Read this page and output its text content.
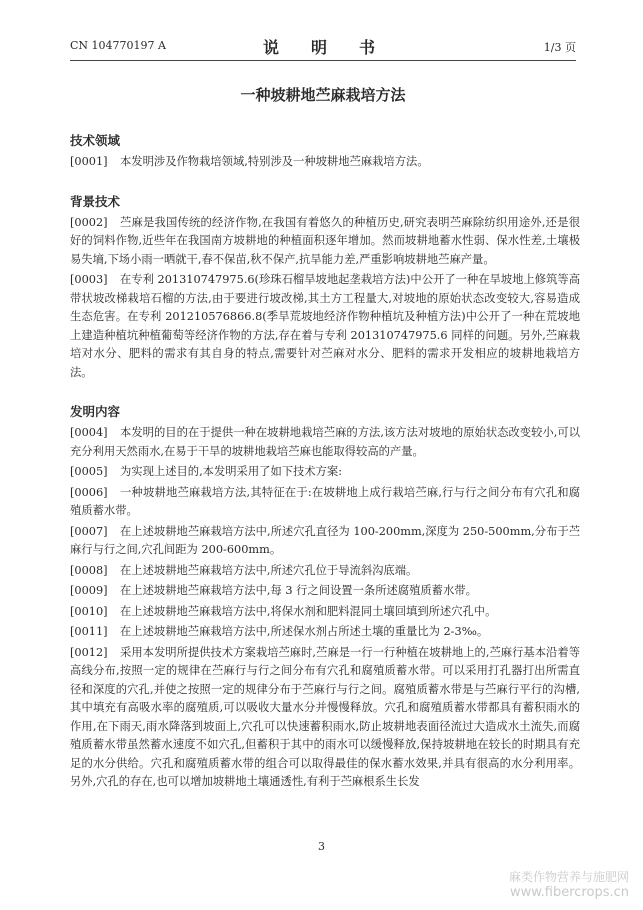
CN 104770197 A	说　明　书	1/3 页
一种坡耕地苎麻栽培方法
技术领域
[0001]	本发明涉及作物栽培领域,特别涉及一种坡耕地苎麻栽培方法。
背景技术
[0002]	苎麻是我国传统的经济作物,在我国有着悠久的种植历史,研究表明苎麻除纺织用途外,还是很好的饲料作物,近些年在我国南方坡耕地的种植面积逐年增加。然而坡耕地蓄水性弱、保水性差,土壤极易失墒,下场小雨一晒就干,春不保苗,秋不保产,抗旱能力差,严重影响坡耕地苎麻产量。
[0003]	在专利 201310747975.6(珍珠石榴旱坡地起垄栽培方法)中公开了一种在旱坡地上修筑等高带状坡改梯栽培石榴的方法,由于要进行坡改梯,其土方工程量大,对坡地的原始状态改变较大,容易造成生态危害。在专利 201210576866.8(季旱荒坡地经济作物种植坑及种植方法)中公开了一种在荒坡地上建造种植坑种植葡萄等经济作物的方法,存在着与专利 201310747975.6 同样的问题。另外,苎麻栽培对水分、肥料的需求有其自身的特点,需要针对苎麻对水分、肥料的需求开发相应的坡耕地栽培方法。
发明内容
[0004]	本发明的目的在于提供一种在坡耕地栽培苎麻的方法,该方法对坡地的原始状态改变较小,可以充分利用天然雨水,在易于干旱的坡耕地栽培苎麻也能取得较高的产量。
[0005]	为实现上述目的,本发明采用了如下技术方案:
[0006]	一种坡耕地苎麻栽培方法,其特征在于:在坡耕地上成行栽培苎麻,行与行之间分布有穴孔和腐殖质蓄水带。
[0007]	在上述坡耕地苎麻栽培方法中,所述穴孔直径为 100-200mm,深度为 250-500mm,分布于苎麻行与行之间,穴孔间距为 200-600mm。
[0008]	在上述坡耕地苎麻栽培方法中,所述穴孔位于导流斜沟底端。
[0009]	在上述坡耕地苎麻栽培方法中,每 3 行之间设置一条所述腐殖质蓄水带。
[0010]	在上述坡耕地苎麻栽培方法中,将保水剂和肥料混同土壤回填到所述穴孔中。
[0011]	在上述坡耕地苎麻栽培方法中,所述保水剂占所述土壤的重量比为 2-3‰。
[0012]	采用本发明所提供技术方案栽培苎麻时,苎麻是一行一行种植在坡耕地上的,苎麻行基本沿着等高线分布,按照一定的规律在苎麻行与行之间分布有穴孔和腐殖质蓄水带。可以采用打孔器打出所需直径和深度的穴孔,并使之按照一定的规律分布于苎麻行与行之间。腐殖质蓄水带是与苎麻行平行的沟槽,其中填充有高吸水率的腐殖质,可以吸收大量水分并慢慢释放。穴孔和腐殖质蓄水带都具有蓄积雨水的作用,在下雨天,雨水降落到坡面上,穴孔可以快速蓄积雨水,防止坡耕地表面径流过大造成水土流失,而腐殖质蓄水带虽然蓄水速度不如穴孔,但蓄积于其中的雨水可以缓慢释放,保持坡耕地在较长的时期具有充足的水分供给。穴孔和腐殖质蓄水带的组合可以取得最佳的保水蓄水效果,并具有很高的水分利用率。另外,穴孔的存在,也可以增加坡耕地土壤通透性,有利于苎麻根系生长发
3
麻类作物营养与施肥网
www.fibercrops.cn
